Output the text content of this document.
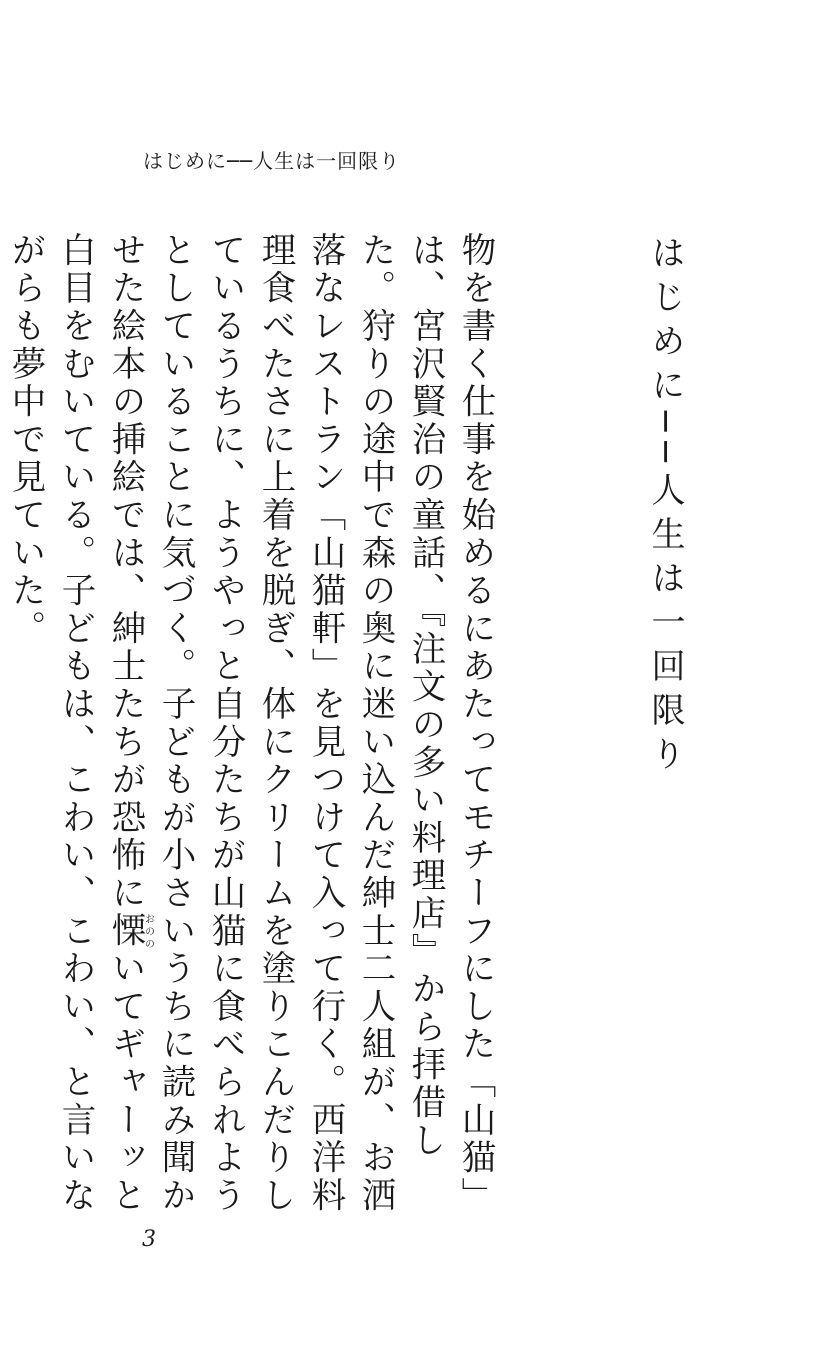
はじめに──人生は一回限り
はじめに──人生は一回限り

物を書く仕事を始めるにあたってモチーフにした「山猫」は、宮沢賢治の童話、『注文の多い料理店』から拝借した。狩りの途中で森の奥に迷い込んだ紳士二人組が、お洒落なレストラン「山猫軒」を見つけて入って行く。西洋料理食べたさに上着を脱ぎ、体にクリームを塗りこんだりしているうちに、ようやっと自分たちが山猫に食べられようとしていることに気づく。子どもが小さいうちに読み聞かせた絵本の挿絵では、紳士たちが恐怖に慄おののいてギャーッと白目をむいている。子どもは、こわい、こわい、と言いながらも夢中で見ていた。

3
